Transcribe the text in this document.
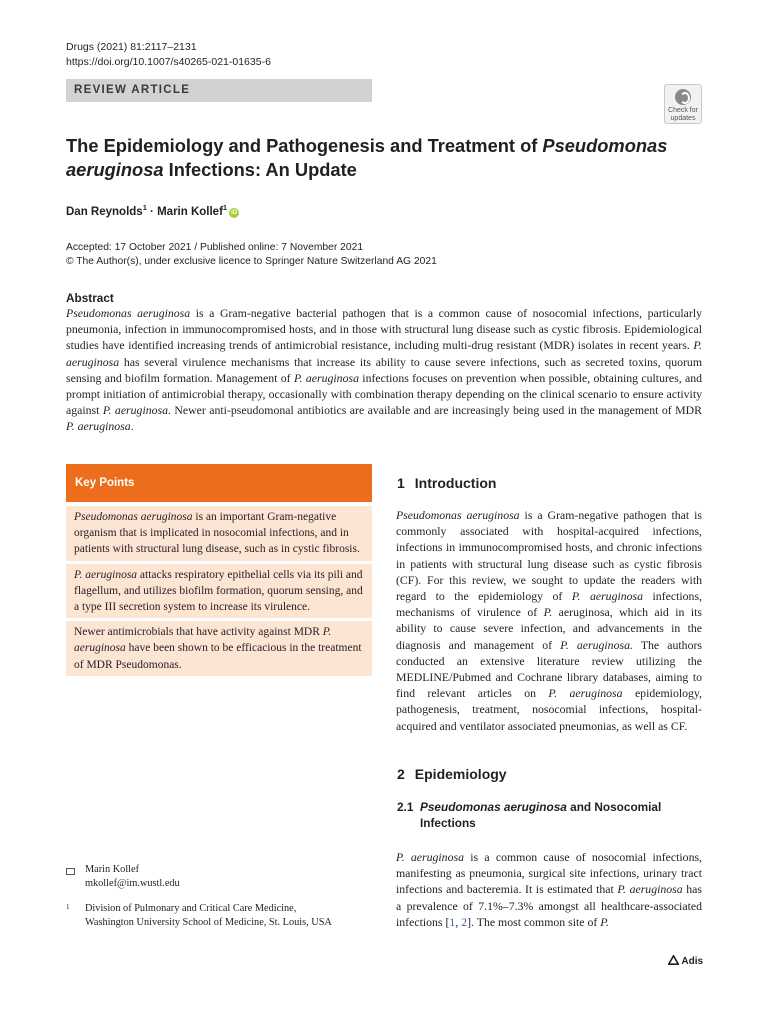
Drugs (2021) 81:2117–2131
https://doi.org/10.1007/s40265-021-01635-6
REVIEW ARTICLE
Check for
updates
The Epidemiology and Pathogenesis and Treatment of Pseudomonas aeruginosa Infections: An Update
Dan Reynolds$^1$ · Marin Kollef$^1$iD
Accepted: 17 October 2021 / Published online: 7 November 2021
© The Author(s), under exclusive licence to Springer Nature Switzerland AG 2021
Abstract
Pseudomonas aeruginosa is a Gram-negative bacterial pathogen that is a common cause of nosocomial infections, particularly pneumonia, infection in immunocompromised hosts, and in those with structural lung disease such as cystic fibrosis. Epidemiological studies have identified increasing trends of antimicrobial resistance, including multi-drug resistant (MDR) isolates in recent years. P. aeruginosa has several virulence mechanisms that increase its ability to cause severe infections, such as secreted toxins, quorum sensing and biofilm formation. Management of P. aeruginosa infections focuses on prevention when possible, obtaining cultures, and prompt initiation of antimicrobial therapy, occasionally with combination therapy depending on the clinical scenario to ensure activity against P. aeruginosa. Newer anti-pseudomonal antibiotics are available and are increasingly being used in the management of MDR P. aeruginosa.
Key Points
Pseudomonas aeruginosa is an important Gram-negative organism that is implicated in nosocomial infections, and in patients with structural lung disease, such as in cystic fibrosis.
P. aeruginosa attacks respiratory epithelial cells via its pili and flagellum, and utilizes biofilm formation, quorum sensing, and a type III secretion system to increase its virulence.
Newer antimicrobials that have activity against MDR P. aeruginosa have been shown to be efficacious in the treatment of MDR Pseudomonas.
1 Introduction
Pseudomonas aeruginosa is a Gram-negative pathogen that is commonly associated with hospital-acquired infections, infections in immunocompromised hosts, and chronic infections in patients with structural lung disease such as cystic fibrosis (CF). For this review, we sought to update the readers with regard to the epidemiology of P. aeruginosa infections, mechanisms of virulence of P. aeruginosa, which aid in its ability to cause severe infection, and advancements in the diagnosis and management of P. aeruginosa. The authors conducted an extensive literature review utilizing the MEDLINE/Pubmed and Cochrane library databases, aiming to find relevant articles on P. aeruginosa epidemiology, pathogenesis, treatment, nosocomial infections, hospital-acquired and ventilator associated pneumonias, as well as CF.
2 Epidemiology
2.1 Pseudomonas aeruginosa and Nosocomial
Infections
P. aeruginosa is a common cause of nosocomial infections, manifesting as pneumonia, surgical site infections, urinary tract infections and bacteremia. It is estimated that P. aeruginosa has a prevalence of 7.1%–7.3% amongst all healthcare-associated infections [1, 2]. The most common site of P.
Marin Kollef
mkollef@im.wustl.edu
1 Division of Pulmonary and Critical Care Medicine,
Washington University School of Medicine, St. Louis, USA
Adis
